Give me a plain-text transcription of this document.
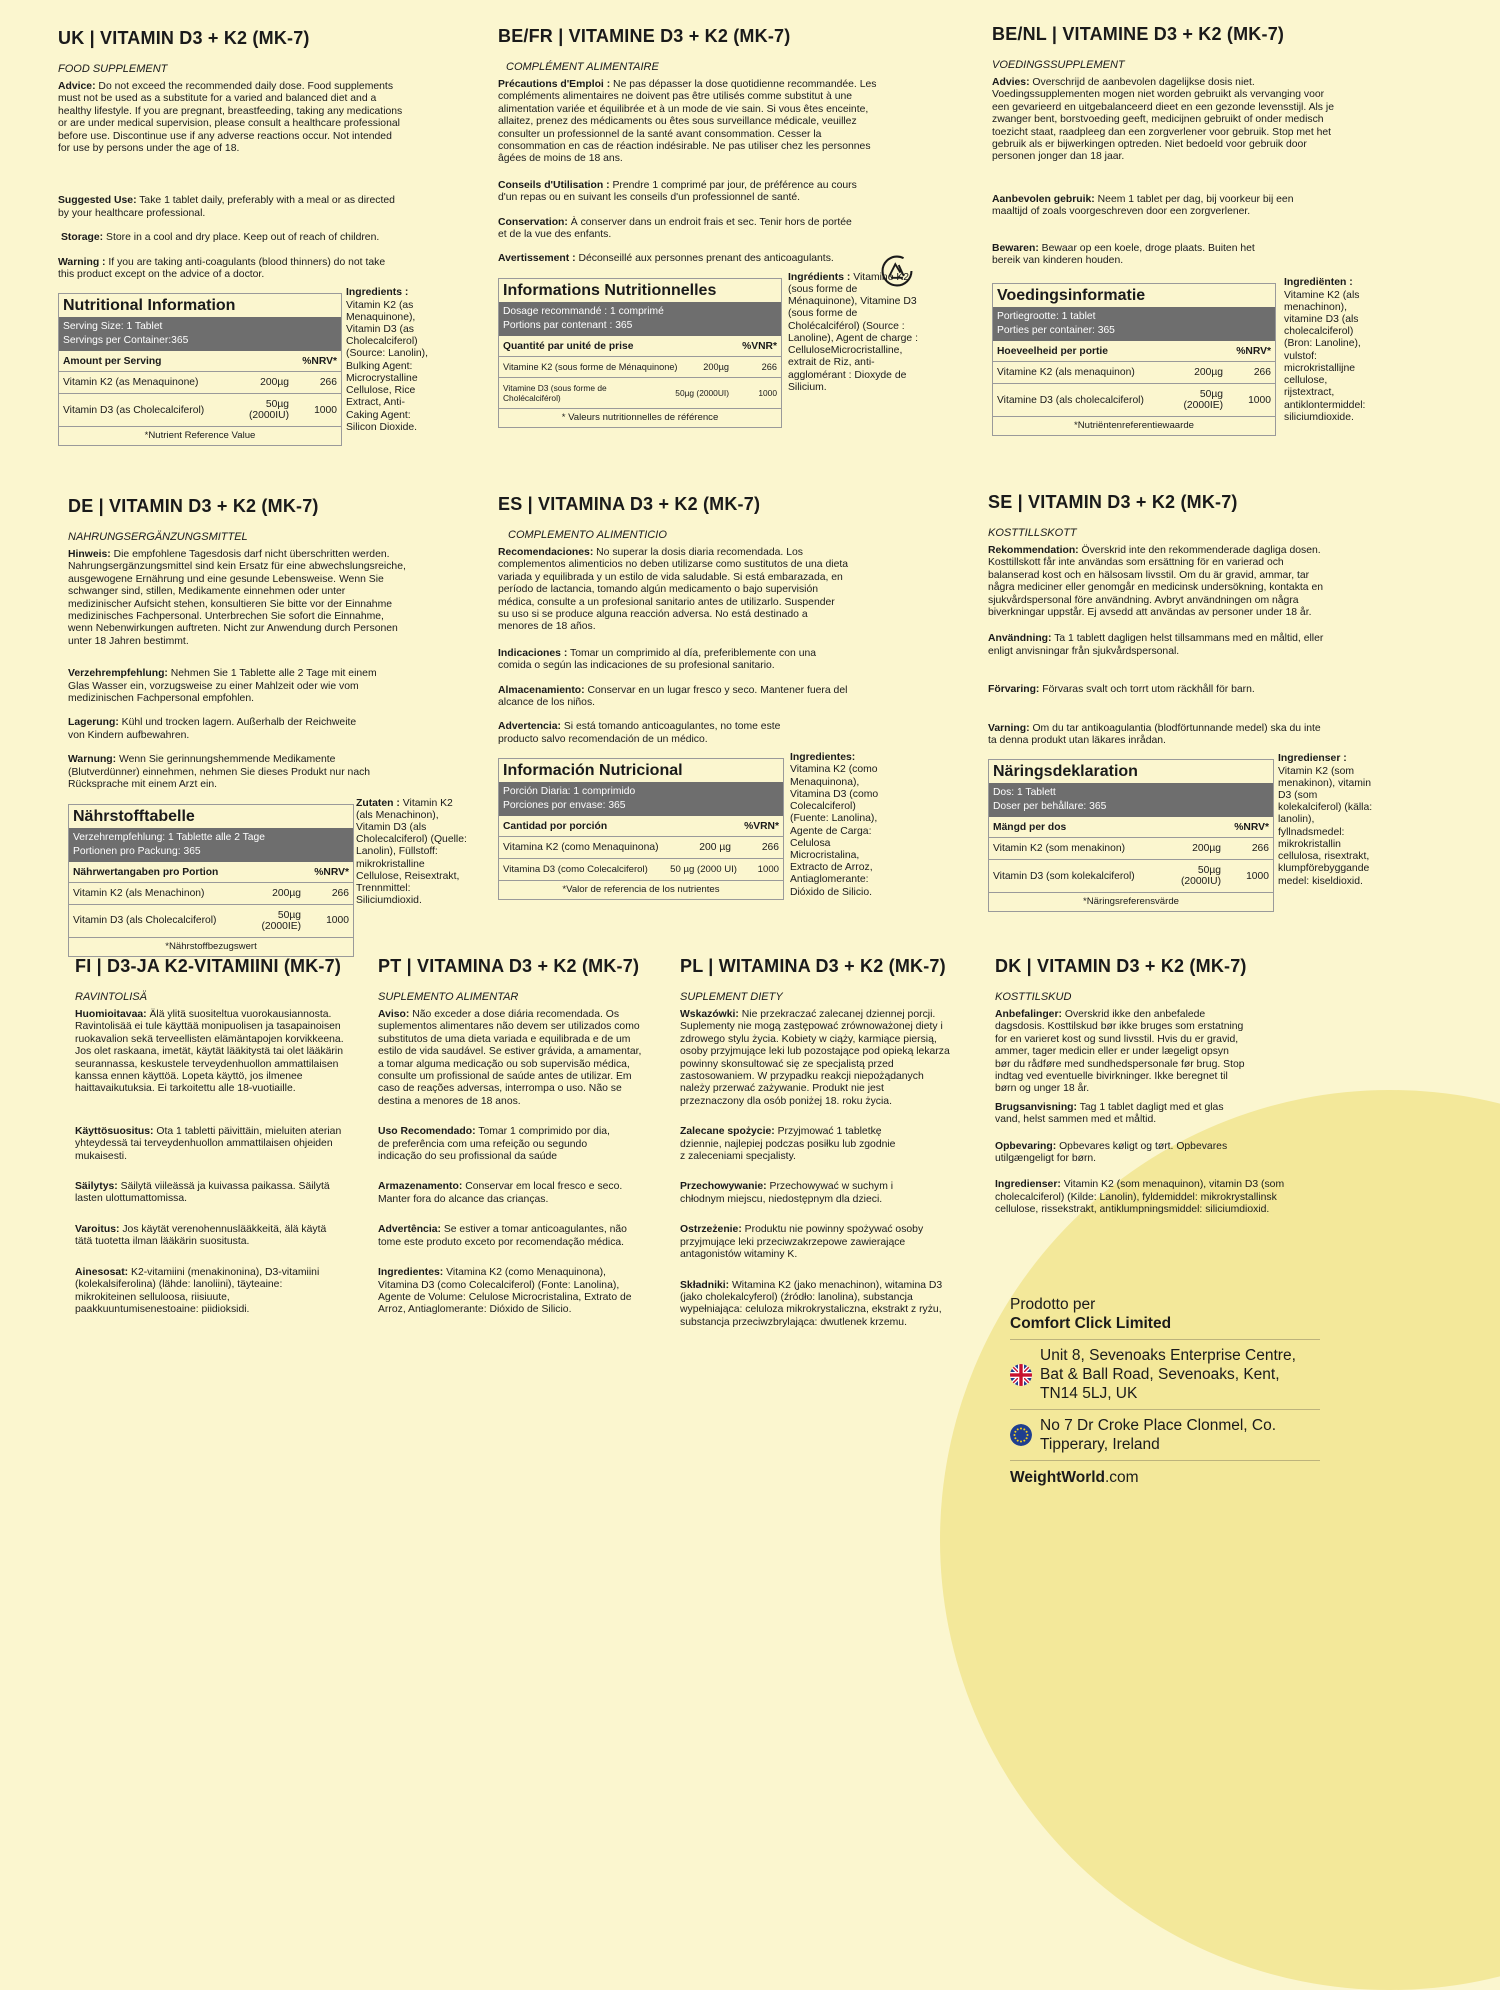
UK | VITAMIN D3 + K2 (MK-7)
FOOD SUPPLEMENT

Advice: Do not exceed the recommended daily dose. Food supplements must not be used as a substitute for a varied and balanced diet and a healthy lifestyle. If you are pregnant, breastfeeding, taking any medications or are under medical supervision, please consult a healthcare professional before use. Discontinue use if any adverse reactions occur. Not intended for use by persons under the age of 18.

Suggested Use: Take 1 tablet daily, preferably with a meal or as directed by your healthcare professional.

Storage: Store in a cool and dry place. Keep out of reach of children.

Warning : If you are taking anti-coagulants (blood thinners) do not take this product except on the advice of a doctor.

Nutritional Information
Serving Size: 1 Tablet
Servings per Container:365
Amount per Serving	%NRV*
Vitamin K2 (as Menaquinone)	200µg	266
Vitamin D3 (as Cholecalciferol)	50µg (2000IU)	1000
*Nutrient Reference Value
Ingredients : Vitamin K2 (as Menaquinone), Vitamin D3 (as Cholecalciferol) (Source: Lanolin), Bulking Agent: Microcrystalline Cellulose, Rice Extract, Anti-Caking Agent: Silicon Dioxide.
BE/FR | VITAMINE D3 + K2 (MK-7)
COMPLÉMENT ALIMENTAIRE

Précautions d'Emploi : Ne pas dépasser la dose quotidienne recommandée. Les compléments alimentaires ne doivent pas être utilisés comme substitut à une alimentation variée et équilibrée et à un mode de vie sain. Si vous êtes enceinte, allaitez, prenez des médicaments ou êtes sous surveillance médicale, veuillez consulter un professionnel de la santé avant consommation. Cesser la consommation en cas de réaction indésirable. Ne pas utiliser chez les personnes âgées de moins de 18 ans.

Conseils d'Utilisation : Prendre 1 comprimé par jour, de préférence au cours d'un repas ou en suivant les conseils d'un professionnel de santé.

Conservation: À conserver dans un endroit frais et sec. Tenir hors de portée et de la vue des enfants.

Avertissement : Déconseillé aux personnes prenant des anticoagulants.

Informations Nutritionnelles
Dosage recommandé : 1 comprimé
Portions par contenant : 365
Quantité par unité de prise	%VNR*
Vitamine K2 (sous forme de Ménaquinone)	200µg	266
Vitamine D3 (sous forme de Cholécalciférol)	50µg (2000UI)	1000
* Valeurs nutritionnelles de référence
Ingrédients : Vitamine K2 (sous forme de Ménaquinone), Vitamine D3 (sous forme de Cholécalciférol) (Source : Lanoline), Agent de charge : CelluloseMicrocristalline, extrait de Riz, anti-agglomérant : Dioxyde de Silicium.
BE/NL | VITAMINE D3 + K2 (MK-7)
VOEDINGSSUPPLEMENT

Advies: Overschrijd de aanbevolen dagelijkse dosis niet. Voedingssupplementen mogen niet worden gebruikt als vervanging voor een gevarieerd en uitgebalanceerd dieet en een gezonde levensstijl. Als je zwanger bent, borstvoeding geeft, medicijnen gebruikt of onder medisch toezicht staat, raadpleeg dan een zorgverlener voor gebruik. Stop met het gebruik als er bijwerkingen optreden. Niet bedoeld voor gebruik door personen jonger dan 18 jaar.

Aanbevolen gebruik: Neem 1 tablet per dag, bij voorkeur bij een maaltijd of zoals voorgeschreven door een zorgverlener.

Bewaren: Bewaar op een koele, droge plaats. Buiten het bereik van kinderen houden.

Voedingsinformatie
Portiegrootte: 1 tablet
Porties per container: 365
Hoeveelheid per portie	%NRV*
Vitamine K2 (als menaquinon)	200µg	266
Vitamine D3 (als cholecalciferol)	50µg (2000IE)	1000
*Nutriëntenreferentiewaarde
Ingrediënten : Vitamine K2 (als menachinon), vitamine D3 (als cholecalciferol) (Bron: Lanoline), vulstof: microkristallijne cellulose, rijstextract, antiklontermiddel: siliciumdioxide.
DE | VITAMIN D3 + K2 (MK-7)
NAHRUNGSERGÄNZUNGSMITTEL

Hinweis: Die empfohlene Tagesdosis darf nicht überschritten werden. Nahrungsergänzungsmittel sind kein Ersatz für eine abwechslungsreiche, ausgewogene Ernährung und eine gesunde Lebensweise. Wenn Sie schwanger sind, stillen, Medikamente einnehmen oder unter medizinischer Aufsicht stehen, konsultieren Sie bitte vor der Einnahme medizinisches Fachpersonal. Unterbrechen Sie sofort die Einnahme, wenn Nebenwirkungen auftreten. Nicht zur Anwendung durch Personen unter 18 Jahren bestimmt.

Verzehrempfehlung: Nehmen Sie 1 Tablette alle 2 Tage mit einem Glas Wasser ein, vorzugsweise zu einer Mahlzeit oder wie vom medizinischen Fachpersonal empfohlen.

Lagerung: Kühl und trocken lagern. Außerhalb der Reichweite von Kindern aufbewahren.

Warnung: Wenn Sie gerinnungshemmende Medikamente (Blutverdünner) einnehmen, nehmen Sie dieses Produkt nur nach Rücksprache mit einem Arzt ein.

Nährstofftabelle
Verzehrempfehlung: 1 Tablette alle 2 Tage
Portionen pro Packung: 365
Nährwertangaben pro Portion	%NRV*
Vitamin K2 (als Menachinon)	200µg	266
Vitamin D3 (als Cholecalciferol)	50µg (2000IE)	1000
*Nährstoffbezugswert
Zutaten : Vitamin K2 (als Menachinon), Vitamin D3 (als Cholecalciferol) (Quelle: Lanolin), Füllstoff: mikrokristalline Cellulose, Reisextrakt, Trennmittel: Siliciumdioxid.
ES | VITAMINA D3 + K2 (MK-7)
COMPLEMENTO ALIMENTICIO

Recomendaciones: No superar la dosis diaria recomendada. Los complementos alimenticios no deben utilizarse como sustitutos de una dieta variada y equilibrada y un estilo de vida saludable. Si está embarazada, en período de lactancia, tomando algún medicamento o bajo supervisión médica, consulte a un profesional sanitario antes de utilizarlo. Suspender su uso si se produce alguna reacción adversa. No está destinado a menores de 18 años.

Indicaciones : Tomar un comprimido al día, preferiblemente con una comida o según las indicaciones de su profesional sanitario.

Almacenamiento: Conservar en un lugar fresco y seco. Mantener fuera del alcance de los niños.

Advertencia: Si está tomando anticoagulantes, no tome este producto salvo recomendación de un médico.

Información Nutricional
Porción Diaria: 1 comprimido
Porciones por envase: 365
Cantidad por porción	%VRN*
Vitamina K2 (como Menaquinona)	200 µg	266
Vitamina D3 (como Colecalciferol)	50 µg (2000 UI)	1000
*Valor de referencia de los nutrientes
Ingredientes: Vitamina K2 (como Menaquinona), Vitamina D3 (como Colecalciferol) (Fuente: Lanolina), Agente de Carga: Celulosa Microcristalina, Extracto de Arroz, Antiaglomerante: Dióxido de Silicio.
SE | VITAMIN D3 + K2 (MK-7)
KOSTTILLSKOTT

Rekommendation: Överskrid inte den rekommenderade dagliga dosen. Kosttillskott får inte användas som ersättning för en varierad och balanserad kost och en hälsosam livsstil. Om du är gravid, ammar, tar några mediciner eller genomgår en medicinsk undersökning, kontakta en sjukvårdspersonal före användning. Avbryt användningen om några biverkningar uppstår. Ej avsedd att användas av personer under 18 år.

Användning: Ta 1 tablett dagligen helst tillsammans med en måltid, eller enligt anvisningar från sjukvårdspersonal.

Förvaring: Förvaras svalt och torrt utom räckhåll för barn.

Varning: Om du tar antikoagulantia (blodförtunnande medel) ska du inte ta denna produkt utan läkares inrådan.

Näringsdeklaration
Dos: 1 Tablett
Doser per behållare: 365
Mängd per dos	%NRV*
Vitamin K2 (som menakinon)	200µg	266
Vitamin D3 (som kolekalciferol)	50µg (2000IU)	1000
*Näringsreferensvärde
Ingredienser : Vitamin K2 (som menakinon), vitamin D3 (som kolekalciferol) (källa: lanolin), fyllnadsmedel: mikrokristallin cellulosa, risextrakt, klumpförebyggande medel: kiseldioxid.
FI | D3-JA K2-VITAMIINI (MK-7)
RAVINTOLISÄ

Huomioitavaa: Älä ylitä suositeltua vuorokausiannosta. Ravintolisää ei tule käyttää monipuolisen ja tasapainoisen ruokavalion sekä terveellisten elämäntapojen korvikkeena. Jos olet raskaana, imetät, käytät lääkitystä tai olet lääkärin seurannassa, keskustele terveydenhuollon ammattilaisen kanssa ennen käyttöä. Lopeta käyttö, jos ilmenee haittavaikutuksia. Ei tarkoitettu alle 18-vuotiaille.

Käyttösuositus: Ota 1 tabletti päivittäin, mieluiten aterian yhteydessä tai terveydenhuollon ammattilaisen ohjeiden mukaisesti.

Säilytys: Säilytä viileässä ja kuivassa paikassa. Säilytä lasten ulottumattomissa.

Varoitus: Jos käytät verenohennuslääkkeitä, älä käytä tätä tuotetta ilman lääkärin suositusta.

Ainesosat: K2-vitamiini (menakinonina), D3-vitamiini (kolekalsiferolina) (lähde: lanoliini), täyteaine: mikrokiteinen selluloosa, riisiuute, paakkuuntumisenestoaine: piidioksidi.

PT | VITAMINA D3 + K2 (MK-7)
SUPLEMENTO ALIMENTAR

Aviso: Não exceder a dose diária recomendada. Os suplementos alimentares não devem ser utilizados como substitutos de uma dieta variada e equilibrada e de um estilo de vida saudável. Se estiver grávida, a amamentar, a tomar alguma medicação ou sob supervisão médica, consulte um profissional de saúde antes de utilizar. Em caso de reações adversas, interrompa o uso. Não se destina a menores de 18 anos.

Uso Recomendado: Tomar 1 comprimido por dia, de preferência com uma refeição ou segundo indicação do seu profissional da saúde

Armazenamento: Conservar em local fresco e seco. Manter fora do alcance das crianças.

Advertência: Se estiver a tomar anticoagulantes, não tome este produto exceto por recomendação médica.

Ingredientes: Vitamina K2 (como Menaquinona), Vitamina D3 (como Colecalciferol) (Fonte: Lanolina), Agente de Volume: Celulose Microcristalina, Extrato de Arroz, Antiaglomerante: Dióxido de Silicio.

PL | WITAMINA D3 + K2 (MK-7)
SUPLEMENT DIETY

Wskazówki: Nie przekraczać zalecanej dziennej porcji. Suplementy nie mogą zastępować zrównoważonej diety i zdrowego stylu życia. Kobiety w ciąży, karmiące piersią, osoby przyjmujące leki lub pozostające pod opieką lekarza powinny skonsultować się ze specjalistą przed zastosowaniem. W przypadku reakcji niepożądanych należy przerwać zażywanie. Produkt nie jest przeznaczony dla osób poniżej 18. roku życia.

Zalecane spożycie: Przyjmować 1 tabletkę dziennie, najlepiej podczas posiłku lub zgodnie z zaleceniami specjalisty.

Przechowywanie: Przechowywać w suchym i chłodnym miejscu, niedostępnym dla dzieci.

Ostrzeżenie: Produktu nie powinny spożywać osoby przyjmujące leki przeciwzakrzepowe zawierające antagonistów witaminy K.

Składniki: Witamina K2 (jako menachinon), witamina D3 (jako cholekalcyferol) (źródło: lanolina), substancja wypełniająca: celuloza mikrokrystaliczna, ekstrakt z ryżu, substancja przeciwzbrylająca: dwutlenek krzemu.

DK | VITAMIN D3 + K2 (MK-7)
KOSTTILSKUD

Anbefalinger: Overskrid ikke den anbefalede dagsdosis. Kosttilskud bør ikke bruges som erstatning for en varieret kost og sund livsstil. Hvis du er gravid, ammer, tager medicin eller er under lægeligt opsyn bør du rådføre med sundhedspersonale før brug. Stop indtag ved eventuelle bivirkninger. Ikke beregnet til børn og unger 18 år.

Brugsanvisning: Tag 1 tablet dagligt med et glas vand, helst sammen med et måltid.

Opbevaring: Opbevares køligt og tørt. Opbevares utilgængeligt for børn.

Ingredienser: Vitamin K2 (som menaquinon), vitamin D3 (som cholecalciferol) (Kilde: Lanolin), fyldemiddel: mikrokrystallinsk cellulose, rissekstrakt, antiklumpningsmiddel: siliciumdioxid.

Prodotto per
Comfort Click Limited
Unit 8, Sevenoaks Enterprise Centre, Bat & Ball Road, Sevenoaks, Kent, TN14 5LJ, UK
No 7 Dr Croke Place Clonmel, Co. Tipperary, Ireland
WeightWorld.com
